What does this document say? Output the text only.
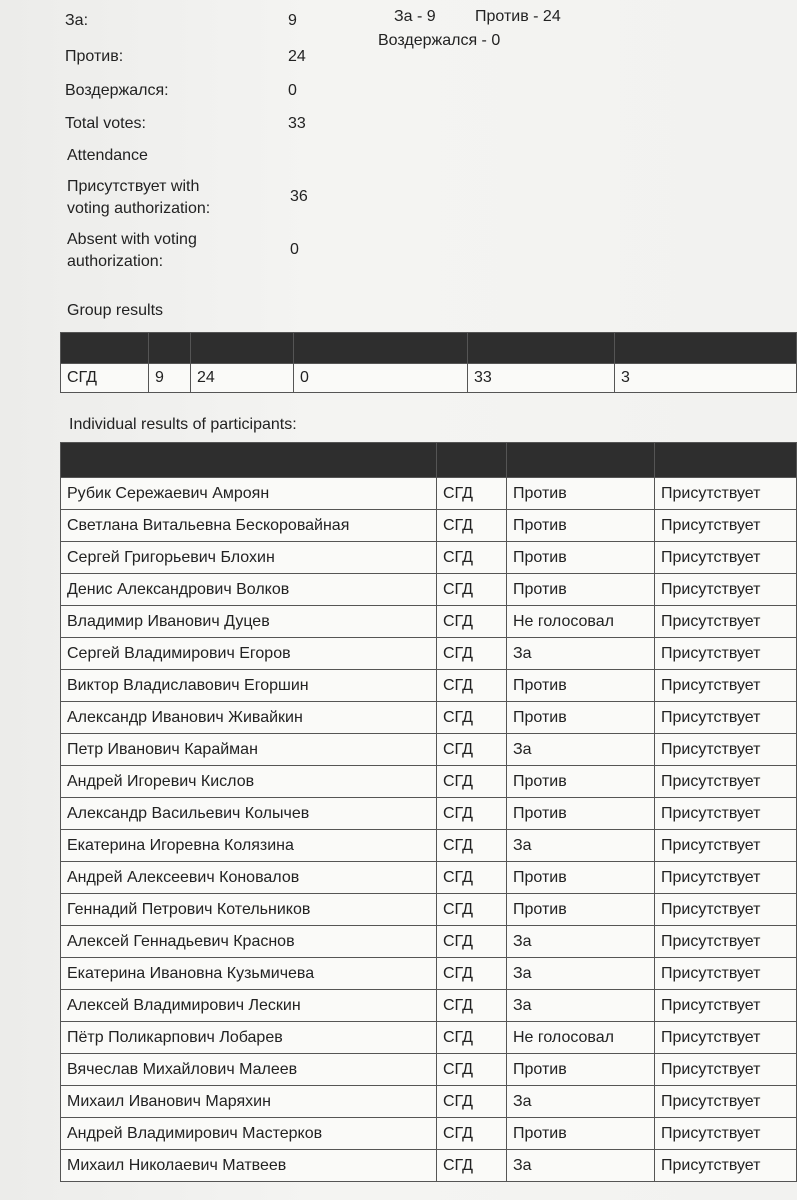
За:	9
Против:	24
Воздержался:	0
Total votes:	33
Attendance
Присутствует with
voting authorization:
36
Absent with voting
authorization:
0
За - 9 Против - 24
Воздержался - 0
Group results

СГД	9	24	0	33	3
Individual results of participants:

Рубик Сережаевич Амроян	СГД	Против	Присутствует
Светлана Витальевна Бескоровайная	СГД	Против	Присутствует
Сергей Григорьевич Блохин	СГД	Против	Присутствует
Денис Александрович Волков	СГД	Против	Присутствует
Владимир Иванович Дуцев	СГД	Не голосовал	Присутствует
Сергей Владимирович Егоров	СГД	За	Присутствует
Виктор Владиславович Егоршин	СГД	Против	Присутствует
Александр Иванович Живайкин	СГД	Против	Присутствует
Петр Иванович Карайман	СГД	За	Присутствует
Андрей Игоревич Кислов	СГД	Против	Присутствует
Александр Васильевич Колычев	СГД	Против	Присутствует
Екатерина Игоревна Колязина	СГД	За	Присутствует
Андрей Алексеевич Коновалов	СГД	Против	Присутствует
Геннадий Петрович Котельников	СГД	Против	Присутствует
Алексей Геннадьевич Краснов	СГД	За	Присутствует
Екатерина Ивановна Кузьмичева	СГД	За	Присутствует
Алексей Владимирович Лескин	СГД	За	Присутствует
Пётр Поликарпович Лобарев	СГД	Не голосовал	Присутствует
Вячеслав Михайлович Малеев	СГД	Против	Присутствует
Михаил Иванович Маряхин	СГД	За	Присутствует
Андрей Владимирович Мастерков	СГД	Против	Присутствует
Михаил Николаевич Матвеев	СГД	За	Присутствует
